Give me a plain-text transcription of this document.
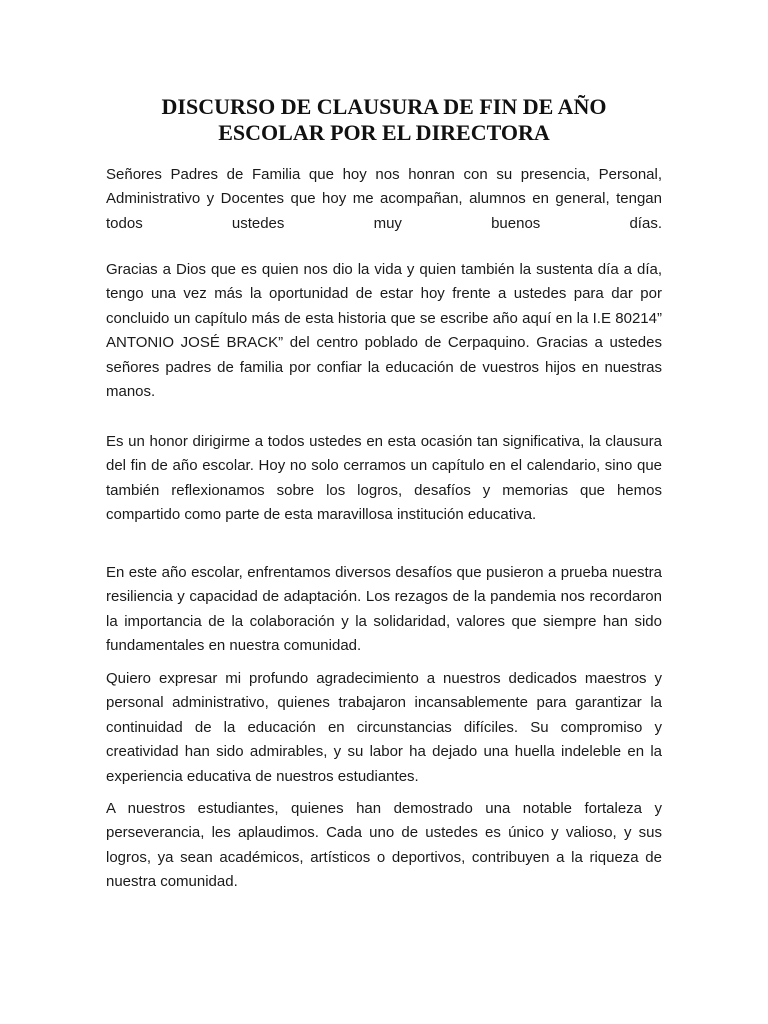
DISCURSO DE CLAUSURA DE FIN DE AÑO
ESCOLAR POR EL DIRECTORA

Señores Padres de Familia que hoy nos honran con su presencia, Personal, Administrativo y Docentes que hoy me acompañan, alumnos en general, tengan todos ustedes muy buenos días.

Gracias a Dios que es quien nos dio la vida y quien también la sustenta día a día, tengo una vez más la oportunidad de estar hoy frente a ustedes para dar por concluido un capítulo más de esta historia que se escribe año aquí en la I.E 80214” ANTONIO JOSÉ BRACK” del centro poblado de Cerpaquino. Gracias a ustedes señores padres de familia por confiar la educación de vuestros hijos en nuestras manos.

Es un honor dirigirme a todos ustedes en esta ocasión tan significativa, la clausura del fin de año escolar. Hoy no solo cerramos un capítulo en el calendario, sino que también reflexionamos sobre los logros, desafíos y memorias que hemos compartido como parte de esta maravillosa institución educativa.

En este año escolar, enfrentamos diversos desafíos que pusieron a prueba nuestra resiliencia y capacidad de adaptación. Los rezagos de la pandemia nos recordaron la importancia de la colaboración y la solidaridad, valores que siempre han sido fundamentales en nuestra comunidad.

Quiero expresar mi profundo agradecimiento a nuestros dedicados maestros y personal administrativo, quienes trabajaron incansablemente para garantizar la continuidad de la educación en circunstancias difíciles. Su compromiso y creatividad han sido admirables, y su labor ha dejado una huella indeleble en la experiencia educativa de nuestros estudiantes.

A nuestros estudiantes, quienes han demostrado una notable fortaleza y perseverancia, les aplaudimos. Cada uno de ustedes es único y valioso, y sus logros, ya sean académicos, artísticos o deportivos, contribuyen a la riqueza de nuestra comunidad.
